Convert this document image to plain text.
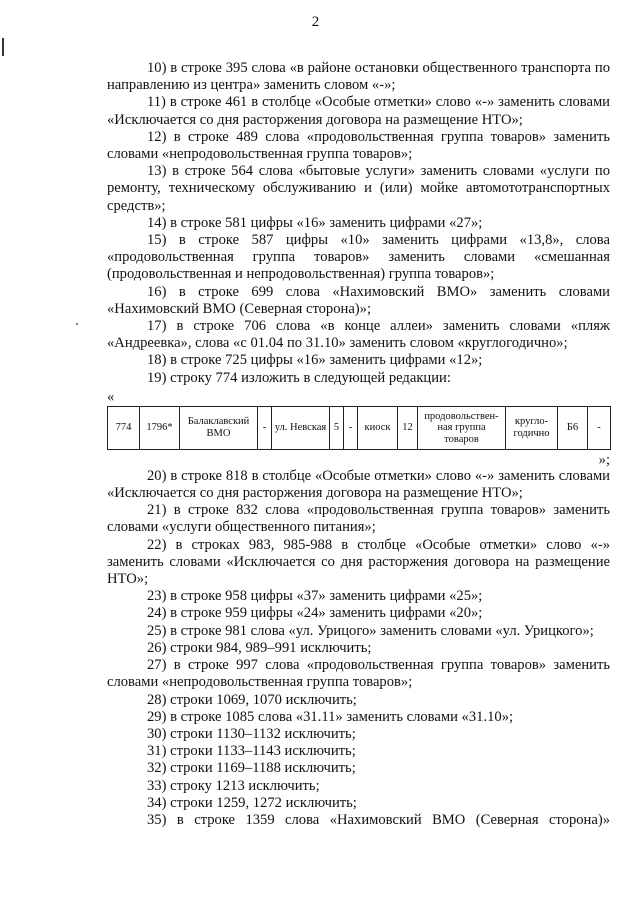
2

10) в строке 395 слова «в районе остановки общественного транспорта по направлению из центра» заменить словом «-»;

11) в строке 461 в столбце «Особые отметки» слово «-» заменить словами «Исключается со дня расторжения договора на размещение НТО»;

12) в строке 489 слова «продовольственная группа товаров» заменить словами «непродовольственная группа товаров»;

13) в строке 564 слова «бытовые услуги» заменить словами «услуги по ремонту, техническому обслуживанию и (или) мойке автомототранспортных средств»;

14) в строке 581 цифры «16» заменить цифрами «27»;

15) в строке 587 цифры «10» заменить цифрами «13,8», слова «продовольственная группа товаров» заменить словами «смешанная (продовольственная и непродовольственная) группа товаров»;

16) в строке 699 слова «Нахимовский ВМО» заменить словами «Нахимовский ВМО (Северная сторона)»;

17) в строке 706 слова «в конце аллеи» заменить словами «пляж «Андреевка», слова «с 01.04 по 31.10» заменить словом «круглогодично»;

18) в строке 725 цифры «16» заменить цифрами «12»;

19) строку 774 изложить в следующей редакции:

«
774	1796*	Балаклавский ВМО	-	ул. Невская	5	-	киоск	12	продовольствен-ная группа товаров	кругло-годично	Б6	-
»;

20) в строке 818 в столбце «Особые отметки» слово «-» заменить словами «Исключается со дня расторжения договора на размещение НТО»;

21) в строке 832 слова «продовольственная группа товаров» заменить словами «услуги общественного питания»;

22) в строках 983, 985-988 в столбце «Особые отметки» слово «-» заменить словами «Исключается со дня расторжения договора на размещение НТО»;

23) в строке 958 цифры «37» заменить цифрами «25»;

24) в строке 959 цифры «24» заменить цифрами «20»;

25) в строке 981 слова «ул. Урицого» заменить словами «ул. Урицкого»;

26) строки 984, 989–991 исключить;

27) в строке 997 слова «продовольственная группа товаров» заменить словами «непродовольственная группа товаров»;

28) строки 1069, 1070 исключить;

29) в строке 1085 слова «31.11» заменить словами «31.10»;

30) строки 1130–1132 исключить;

31) строки 1133–1143 исключить;

32) строки 1169–1188 исключить;

33) строку 1213 исключить;

34) строки 1259, 1272 исключить;

35) в строке 1359 слова «Нахимовский ВМО (Северная сторона)»
